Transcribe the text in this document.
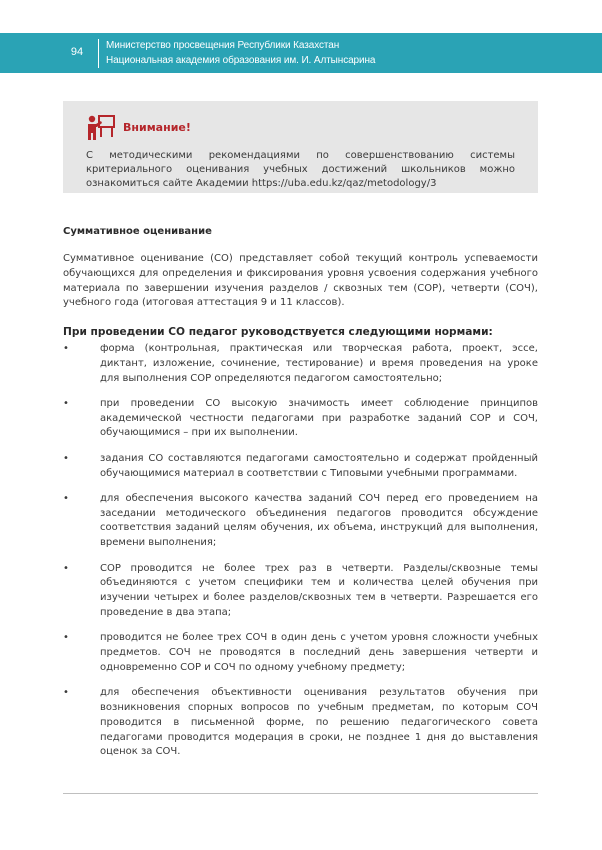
94
Министерство просвещения Республики Казахстан
Национальная академия образования им. И. Алтынсарина
Внимание!
С методическими рекомендациями по совершенствованию системы критериального оценивания учебных достижений школьников можно ознакомиться сайте Академии https://uba.edu.kz/qaz/metodology/3
Суммативное оценивание
Суммативное оценивание (СО) представляет собой текущий контроль успеваемости обучающихся для определения и фиксирования уровня усвоения содержания учебного материала по завершении изучения разделов / сквозных тем (СОР), четверти (СОЧ), учебного года (итоговая аттестация 9 и 11 классов).
При проведении СО педагог руководствуется следующими нормами:
•	форма (контрольная, практическая или творческая работа, проект, эссе, диктант, изложение, сочинение, тестирование) и время проведения на уроке для выполнения СОР определяются педагогом самостоятельно;
•	при проведении СО высокую значимость имеет соблюдение принципов академической честности педагогами при разработке заданий СОР и СОЧ, обучающимися – при их выполнении.
•	задания СО составляются педагогами самостоятельно и содержат пройденный обучающимися материал в соответствии с Типовыми учебными программами.
•	для обеспечения высокого качества заданий СОЧ перед его проведением на заседании методического объединения педагогов проводится обсуждение соответствия заданий целям обучения, их объема, инструкций для выполнения, времени выполнения;
•	СОР проводится не более трех раз в четверти. Разделы/сквозные темы объединяются с учетом специфики тем и количества целей обучения при изучении четырех и более разделов/сквозных тем в четверти. Разрешается его проведение в два этапа;
•	проводится не более трех СОЧ в один день с учетом уровня сложности учебных предметов. СОЧ не проводятся в последний день завершения четверти и одновременно СОР и СОЧ по одному учебному предмету;
•	для обеспечения объективности оценивания результатов обучения при возникновения спорных вопросов по учебным предметам, по которым СОЧ проводится в письменной форме, по решению педагогического совета педагогами проводится модерация в сроки, не позднее 1 дня до выставления оценок за СОЧ.
